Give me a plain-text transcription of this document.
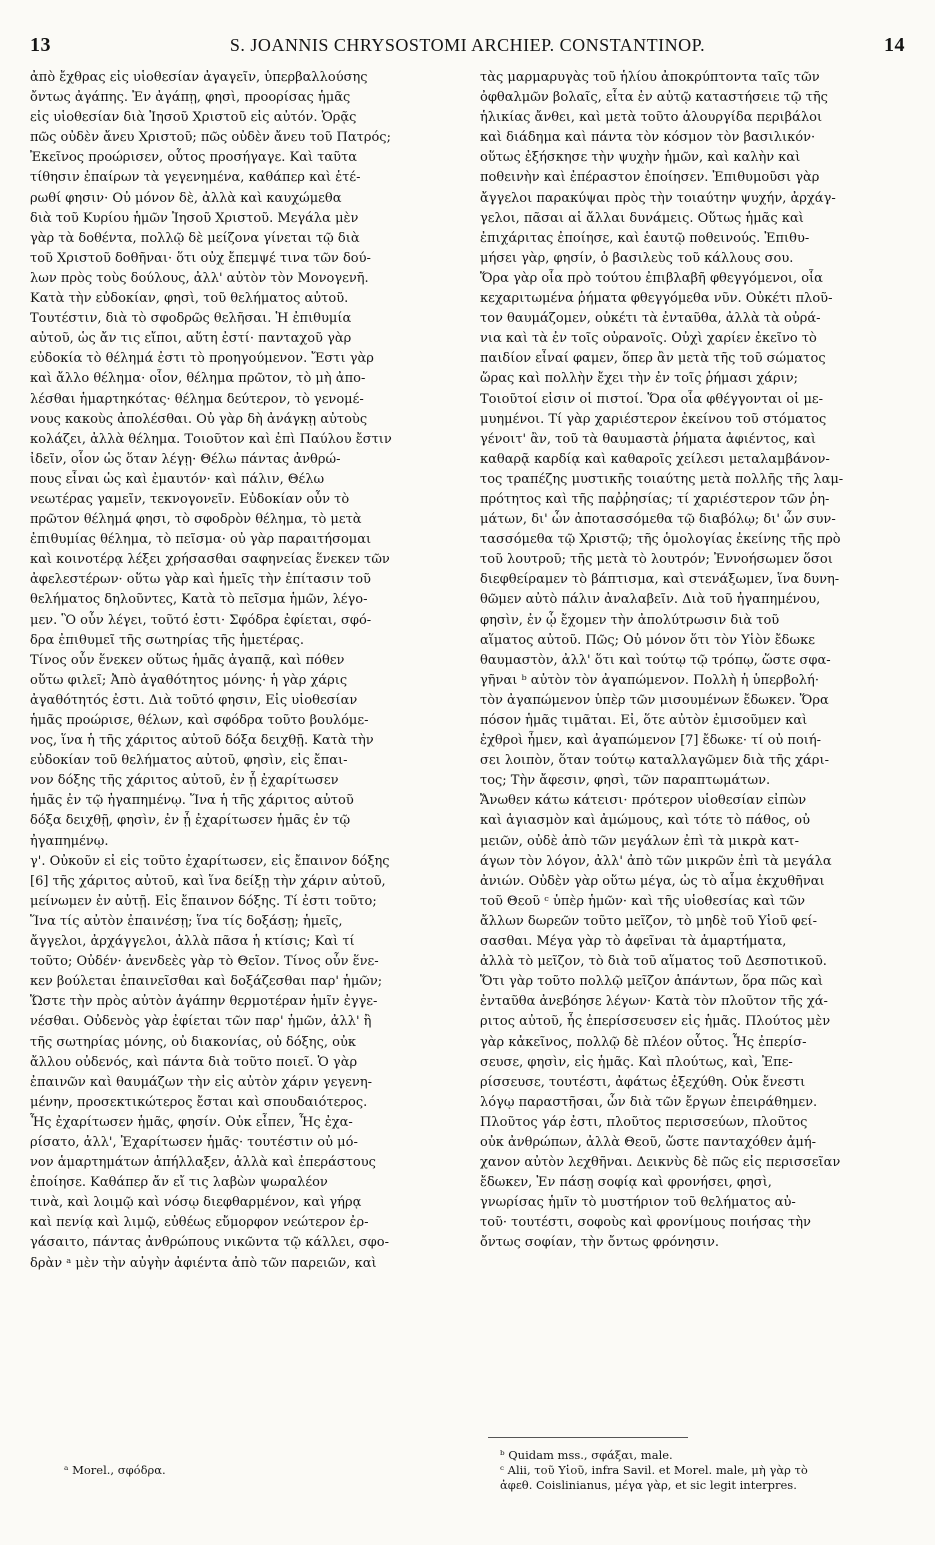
13	S. JOANNIS CHRYSOSTOMI ARCHIEP. CONSTANTINOP.	14
ἀπὸ ἔχθρας εἰς υἱοθεσίαν ἀγαγεῖν, ὑπερβαλλούσης
ὄντως ἀγάπης. Ἐν ἀγάπῃ, φησὶ, προορίσας ἡμᾶς
εἰς υἱοθεσίαν διὰ Ἰησοῦ Χριστοῦ εἰς αὐτόν. Ὁρᾷς
πῶς οὐδὲν ἄνευ Χριστοῦ; πῶς οὐδὲν ἄνευ τοῦ Πατρός;
Ἐκεῖνος προώρισεν, οὗτος προσήγαγε. Καὶ ταῦτα
τίθησιν ἐπαίρων τὰ γεγενημένα, καθάπερ καὶ ἑτέ-
ρωθί φησιν· Οὐ μόνον δὲ, ἀλλὰ καὶ καυχώμεθα
διὰ τοῦ Κυρίου ἡμῶν Ἰησοῦ Χριστοῦ. Μεγάλα μὲν
γὰρ τὰ δοθέντα, πολλῷ δὲ μείζονα γίνεται τῷ διὰ
τοῦ Χριστοῦ δοθῆναι· ὅτι οὐχ ἔπεμψέ τινα τῶν δού-
λων πρὸς τοὺς δούλους, ἀλλ' αὐτὸν τὸν Μονογενῆ.
Κατὰ τὴν εὐδοκίαν, φησὶ, τοῦ θελήματος αὐτοῦ.
Τουτέστιν, διὰ τὸ σφοδρῶς θελῆσαι. Ἡ ἐπιθυμία
αὐτοῦ, ὡς ἄν τις εἴποι, αὕτη ἐστί· πανταχοῦ γὰρ
εὐδοκία τὸ θέλημά ἐστι τὸ προηγούμενον. Ἔστι γὰρ
καὶ ἄλλο θέλημα· οἷον, θέλημα πρῶτον, τὸ μὴ ἀπο-
λέσθαι ἡμαρτηκότας· θέλημα δεύτερον, τὸ γενομέ-
νους κακοὺς ἀπολέσθαι. Οὐ γὰρ δὴ ἀνάγκῃ αὐτοὺς
κολάζει, ἀλλὰ θέλημα. Τοιοῦτον καὶ ἐπὶ Παύλου ἔστιν
ἰδεῖν, οἷον ὡς ὅταν λέγῃ· Θέλω πάντας ἀνθρώ-
πους εἶναι ὡς καὶ ἐμαυτόν· καὶ πάλιν, Θέλω
νεωτέρας γαμεῖν, τεκνογονεῖν. Εὐδοκίαν οὖν τὸ
πρῶτον θέλημά φησι, τὸ σφοδρὸν θέλημα, τὸ μετὰ
ἐπιθυμίας θέλημα, τὸ πεῖσμα· οὐ γὰρ παραιτήσομαι
καὶ κοινοτέρᾳ λέξει χρήσασθαι σαφηνείας ἕνεκεν τῶν
ἀφελεστέρων· οὕτω γὰρ καὶ ἡμεῖς τὴν ἐπίτασιν τοῦ
θελήματος δηλοῦντες, Κατὰ τὸ πεῖσμα ἡμῶν, λέγο-
μεν. Ὃ οὖν λέγει, τοῦτό ἐστι· Σφόδρα ἐφίεται, σφό-
δρα ἐπιθυμεῖ τῆς σωτηρίας τῆς ἡμετέρας.
Τίνος οὖν ἕνεκεν οὕτως ἡμᾶς ἀγαπᾷ, καὶ πόθεν
οὕτω φιλεῖ; Ἀπὸ ἀγαθότητος μόνης· ἡ γὰρ χάρις
ἀγαθότητός ἐστι. Διὰ τοῦτό φησιν, Εἰς υἱοθεσίαν
ἡμᾶς προώρισε, θέλων, καὶ σφόδρα τοῦτο βουλόμε-
νος, ἵνα ἡ τῆς χάριτος αὐτοῦ δόξα δειχθῇ. Κατὰ τὴν
εὐδοκίαν τοῦ θελήματος αὐτοῦ, φησὶν, εἰς ἔπαι-
νον δόξης τῆς χάριτος αὐτοῦ, ἐν ᾗ ἐχαρίτωσεν
ἡμᾶς ἐν τῷ ἠγαπημένῳ. Ἵνα ἡ τῆς χάριτος αὐτοῦ
δόξα δειχθῇ, φησὶν, ἐν ᾗ ἐχαρίτωσεν ἡμᾶς ἐν τῷ
ἠγαπημένῳ.
γ'. Οὐκοῦν εἰ εἰς τοῦτο ἐχαρίτωσεν, εἰς ἔπαινον δόξης
[6] τῆς χάριτος αὐτοῦ, καὶ ἵνα δείξῃ τὴν χάριν αὐτοῦ,
μείνωμεν ἐν αὐτῇ. Εἰς ἔπαινον δόξης. Τί ἐστι τοῦτο;
Ἵνα τίς αὐτὸν ἐπαινέσῃ; ἵνα τίς δοξάσῃ; ἡμεῖς,
ἄγγελοι, ἀρχάγγελοι, ἀλλὰ πᾶσα ἡ κτίσις; Καὶ τί
τοῦτο; Οὐδέν· ἀνενδεὲς γὰρ τὸ Θεῖον. Τίνος οὖν ἕνε-
κεν βούλεται ἐπαινεῖσθαι καὶ δοξάζεσθαι παρ' ἡμῶν;
Ὥστε τὴν πρὸς αὐτὸν ἀγάπην θερμοτέραν ἡμῖν ἐγγε-
νέσθαι. Οὐδενὸς γὰρ ἐφίεται τῶν παρ' ἡμῶν, ἀλλ' ἢ
τῆς σωτηρίας μόνης, οὐ διακονίας, οὐ δόξης, οὐκ
ἄλλου οὐδενός, καὶ πάντα διὰ τοῦτο ποιεῖ. Ὁ γὰρ
ἐπαινῶν καὶ θαυμάζων τὴν εἰς αὐτὸν χάριν γεγενη-
μένην, προσεκτικώτερος ἔσται καὶ σπουδαιότερος.
Ἧς ἐχαρίτωσεν ἡμᾶς, φησίν. Οὐκ εἶπεν, Ἧς ἐχα-
ρίσατο, ἀλλ', Ἐχαρίτωσεν ἡμᾶς· τουτέστιν οὐ μό-
νον ἁμαρτημάτων ἀπήλλαξεν, ἀλλὰ καὶ ἐπεράστους
ἐποίησε. Καθάπερ ἄν εἴ τις λαβὼν ψωραλέον
τινὰ, καὶ λοιμῷ καὶ νόσῳ διεφθαρμένον, καὶ γήρᾳ
καὶ πενίᾳ καὶ λιμῷ, εὐθέως εὔμορφον νεώτερον ἐρ-
γάσαιτο, πάντας ἀνθρώπους νικῶντα τῷ κάλλει, σφο-
δρὰν ᵃ μὲν τὴν αὐγὴν ἀφιέντα ἀπὸ τῶν παρειῶν, καὶ
τὰς μαρμαρυγὰς τοῦ ἡλίου ἀποκρύπτοντα ταῖς τῶν
ὀφθαλμῶν βολαῖς, εἶτα ἐν αὐτῷ καταστήσειε τῷ τῆς
ἡλικίας ἄνθει, καὶ μετὰ τοῦτο ἁλουργίδα περιβάλοι
καὶ διάδημα καὶ πάντα τὸν κόσμον τὸν βασιλικόν·
οὕτως ἐξήσκησε τὴν ψυχὴν ἡμῶν, καὶ καλὴν καὶ
ποθεινὴν καὶ ἐπέραστον ἐποίησεν. Ἐπιθυμοῦσι γὰρ
ἄγγελοι παρακύψαι πρὸς τὴν τοιαύτην ψυχήν, ἀρχάγ-
γελοι, πᾶσαι αἱ ἄλλαι δυνάμεις. Οὕτως ἡμᾶς καὶ
ἐπιχάριτας ἐποίησε, καὶ ἑαυτῷ ποθεινούς. Ἐπιθυ-
μήσει γὰρ, φησίν, ὁ βασιλεὺς τοῦ κάλλους σου.
Ὅρα γὰρ οἷα πρὸ τούτου ἐπιβλαβῆ φθεγγόμενοι, οἷα
κεχαριτωμένα ῥήματα φθεγγόμεθα νῦν. Οὐκέτι πλοῦ-
τον θαυμάζομεν, οὐκέτι τὰ ἐνταῦθα, ἀλλὰ τὰ οὐρά-
νια καὶ τὰ ἐν τοῖς οὐρανοῖς. Οὐχὶ χαρίεν ἐκεῖνο τὸ
παιδίον εἶναί φαμεν, ὅπερ ἂν μετὰ τῆς τοῦ σώματος
ὥρας καὶ πολλὴν ἔχει τὴν ἐν τοῖς ῥήμασι χάριν;
Τοιοῦτοί εἰσιν οἱ πιστοί. Ὅρα οἷα φθέγγονται οἱ με-
μυημένοι. Τί γὰρ χαριέστερον ἐκείνου τοῦ στόματος
γένοιτ' ἂν, τοῦ τὰ θαυμαστὰ ῥήματα ἀφιέντος, καὶ
καθαρᾷ καρδίᾳ καὶ καθαροῖς χείλεσι μεταλαμβάνον-
τος τραπέζης μυστικῆς τοιαύτης μετὰ πολλῆς τῆς λαμ-
πρότητος καὶ τῆς παῤῥησίας; τί χαριέστερον τῶν ῥη-
μάτων, δι' ὧν ἀποτασσόμεθα τῷ διαβόλῳ; δι' ὧν συν-
τασσόμεθα τῷ Χριστῷ; τῆς ὁμολογίας ἐκείνης τῆς πρὸ
τοῦ λουτροῦ; τῆς μετὰ τὸ λουτρόν; Ἐννοήσωμεν ὅσοι
διεφθείραμεν τὸ βάπτισμα, καὶ στενάξωμεν, ἵνα δυνη-
θῶμεν αὐτὸ πάλιν ἀναλαβεῖν. Διὰ τοῦ ἠγαπημένου,
φησὶν, ἐν ᾧ ἔχομεν τὴν ἀπολύτρωσιν διὰ τοῦ
αἵματος αὐτοῦ. Πῶς; Οὐ μόνον ὅτι τὸν Υἱὸν ἔδωκε
θαυμαστὸν, ἀλλ' ὅτι καὶ τούτῳ τῷ τρόπῳ, ὥστε σφα-
γῆναι ᵇ αὐτὸν τὸν ἀγαπώμενον. Πολλὴ ἡ ὑπερβολή·
τὸν ἀγαπώμενον ὑπὲρ τῶν μισουμένων ἔδωκεν. Ὅρα
πόσον ἡμᾶς τιμᾶται. Εἰ, ὅτε αὐτὸν ἐμισοῦμεν καὶ
ἐχθροὶ ἦμεν, καὶ ἀγαπώμενον [7] ἔδωκε· τί οὐ ποιή-
σει λοιπὸν, ὅταν τούτῳ καταλλαγῶμεν διὰ τῆς χάρι-
τος; Τὴν ἄφεσιν, φησὶ, τῶν παραπτωμάτων.
Ἄνωθεν κάτω κάτεισι· πρότερον υἱοθεσίαν εἰπὼν
καὶ ἁγιασμὸν καὶ ἀμώμους, καὶ τότε τὸ πάθος, οὐ
μειῶν, οὐδὲ ἀπὸ τῶν μεγάλων ἐπὶ τὰ μικρὰ κατ-
άγων τὸν λόγον, ἀλλ' ἀπὸ τῶν μικρῶν ἐπὶ τὰ μεγάλα
ἀνιών. Οὐδὲν γὰρ οὕτω μέγα, ὡς τὸ αἷμα ἐκχυθῆναι
τοῦ Θεοῦ ᶜ ὑπὲρ ἡμῶν· καὶ τῆς υἱοθεσίας καὶ τῶν
ἄλλων δωρεῶν τοῦτο μεῖζον, τὸ μηδὲ τοῦ Υἱοῦ φεί-
σασθαι. Μέγα γὰρ τὸ ἀφεῖναι τὰ ἁμαρτήματα,
ἀλλὰ τὸ μεῖζον, τὸ διὰ τοῦ αἵματος τοῦ Δεσποτικοῦ.
Ὅτι γὰρ τοῦτο πολλῷ μεῖζον ἁπάντων, ὅρα πῶς καὶ
ἐνταῦθα ἀνεβόησε λέγων· Κατὰ τὸν πλοῦτον τῆς χά-
ριτος αὐτοῦ, ἧς ἐπερίσσευσεν εἰς ἡμᾶς. Πλούτος μὲν
γὰρ κἀκεῖνος, πολλῷ δὲ πλέον οὗτος. Ἧς ἐπερίσ-
σευσε, φησὶν, εἰς ἡμᾶς. Καὶ πλούτως, καὶ, Ἐπε-
ρίσσευσε, τουτέστι, ἀφάτως ἐξεχύθη. Οὐκ ἔνεστι
λόγῳ παραστῆσαι, ὧν διὰ τῶν ἔργων ἐπειράθημεν.
Πλοῦτος γάρ ἐστι, πλοῦτος περισσεύων, πλοῦτος
οὐκ ἀνθρώπων, ἀλλὰ Θεοῦ, ὥστε πανταχόθεν ἀμή-
χανον αὐτὸν λεχθῆναι. Δεικνὺς δὲ πῶς εἰς περισσεῖαν
ἔδωκεν, Ἐν πάσῃ σοφίᾳ καὶ φρονήσει, φησὶ,
γνωρίσας ἡμῖν τὸ μυστήριον τοῦ θελήματος αὐ-
τοῦ· τουτέστι, σοφοὺς καὶ φρονίμους ποιήσας τὴν
ὄντως σοφίαν, τὴν ὄντως φρόνησιν.
ᵃ Morel., σφόδρα.
ᵇ Quidam mss., σφάξαι, male.
ᶜ Alii, τοῦ Υἱοῦ, infra Savil. et Morel. male, μὴ γὰρ τὸ
ἀφεθ. Coislinianus, μέγα γὰρ, et sic legit interpres.
